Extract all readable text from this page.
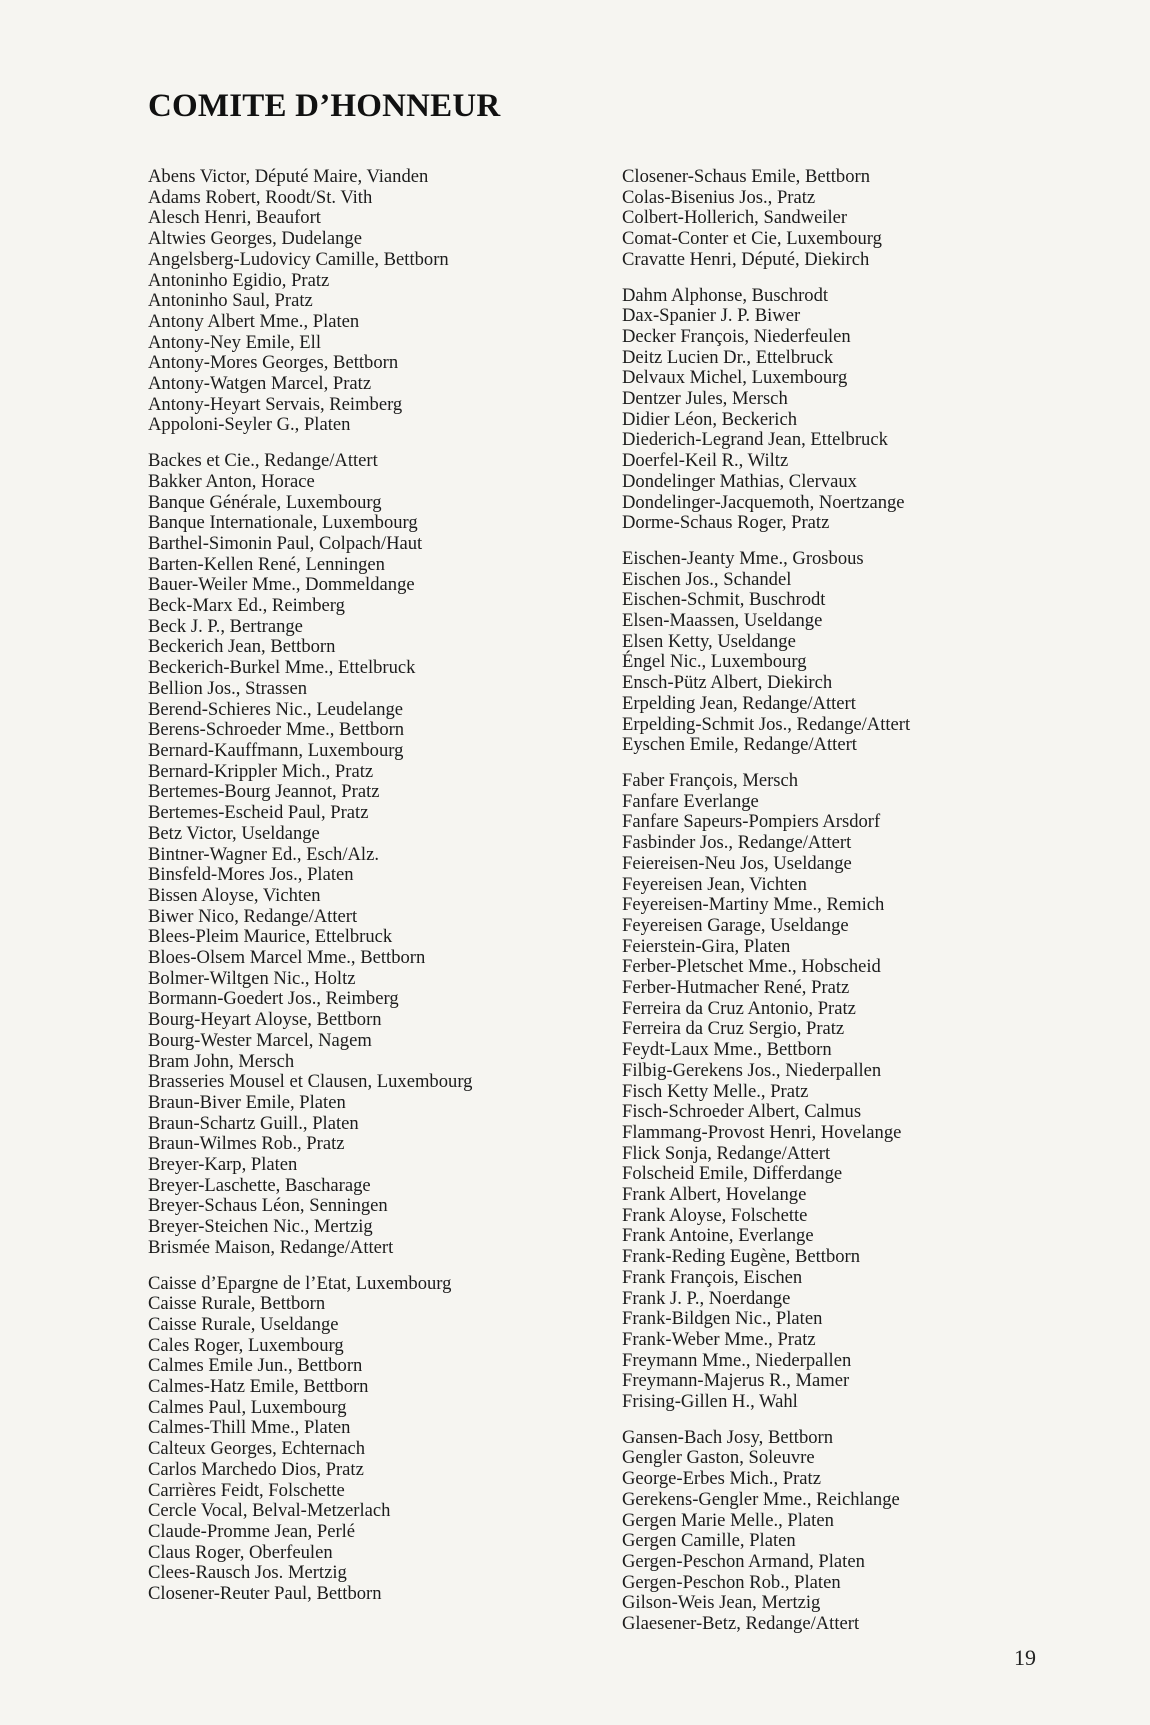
COMITE D’HONNEUR
Abens Victor, Député Maire, Vianden
Adams Robert, Roodt/St. Vith
Alesch Henri, Beaufort
Altwies Georges, Dudelange
Angelsberg-Ludovicy Camille, Bettborn
Antoninho Egidio, Pratz
Antoninho Saul, Pratz
Antony Albert Mme., Platen
Antony-Ney Emile, Ell
Antony-Mores Georges, Bettborn
Antony-Watgen Marcel, Pratz
Antony-Heyart Servais, Reimberg
Appoloni-Seyler G., Platen
Backes et Cie., Redange/Attert
Bakker Anton, Horace
Banque Générale, Luxembourg
Banque Internationale, Luxembourg
Barthel-Simonin Paul, Colpach/Haut
Barten-Kellen René, Lenningen
Bauer-Weiler Mme., Dommeldange
Beck-Marx Ed., Reimberg
Beck J. P., Bertrange
Beckerich Jean, Bettborn
Beckerich-Burkel Mme., Ettelbruck
Bellion Jos., Strassen
Berend-Schieres Nic., Leudelange
Berens-Schroeder Mme., Bettborn
Bernard-Kauffmann, Luxembourg
Bernard-Krippler Mich., Pratz
Bertemes-Bourg Jeannot, Pratz
Bertemes-Escheid Paul, Pratz
Betz Victor, Useldange
Bintner-Wagner Ed., Esch/Alz.
Binsfeld-Mores Jos., Platen
Bissen Aloyse, Vichten
Biwer Nico, Redange/Attert
Blees-Pleim Maurice, Ettelbruck
Bloes-Olsem Marcel Mme., Bettborn
Bolmer-Wiltgen Nic., Holtz
Bormann-Goedert Jos., Reimberg
Bourg-Heyart Aloyse, Bettborn
Bourg-Wester Marcel, Nagem
Bram John, Mersch
Brasseries Mousel et Clausen, Luxembourg
Braun-Biver Emile, Platen
Braun-Schartz Guill., Platen
Braun-Wilmes Rob., Pratz
Breyer-Karp, Platen
Breyer-Laschette, Bascharage
Breyer-Schaus Léon, Senningen
Breyer-Steichen Nic., Mertzig
Brismée Maison, Redange/Attert
Caisse d’Epargne de l’Etat, Luxembourg
Caisse Rurale, Bettborn
Caisse Rurale, Useldange
Cales Roger, Luxembourg
Calmes Emile Jun., Bettborn
Calmes-Hatz Emile, Bettborn
Calmes Paul, Luxembourg
Calmes-Thill Mme., Platen
Calteux Georges, Echternach
Carlos Marchedo Dios, Pratz
Carrières Feidt, Folschette
Cercle Vocal, Belval-Metzerlach
Claude-Promme Jean, Perlé
Claus Roger, Oberfeulen
Clees-Rausch Jos. Mertzig
Closener-Reuter Paul, Bettborn
Closener-Schaus Emile, Bettborn
Colas-Bisenius Jos., Pratz
Colbert-Hollerich, Sandweiler
Comat-Conter et Cie, Luxembourg
Cravatte Henri, Député, Diekirch
Dahm Alphonse, Buschrodt
Dax-Spanier J. P. Biwer
Decker François, Niederfeulen
Deitz Lucien Dr., Ettelbruck
Delvaux Michel, Luxembourg
Dentzer Jules, Mersch
Didier Léon, Beckerich
Diederich-Legrand Jean, Ettelbruck
Doerfel-Keil R., Wiltz
Dondelinger Mathias, Clervaux
Dondelinger-Jacquemoth, Noertzange
Dorme-Schaus Roger, Pratz
Eischen-Jeanty Mme., Grosbous
Eischen Jos., Schandel
Eischen-Schmit, Buschrodt
Elsen-Maassen, Useldange
Elsen Ketty, Useldange
Éngel Nic., Luxembourg
Ensch-Pütz Albert, Diekirch
Erpelding Jean, Redange/Attert
Erpelding-Schmit Jos., Redange/Attert
Eyschen Emile, Redange/Attert
Faber François, Mersch
Fanfare Everlange
Fanfare Sapeurs-Pompiers Arsdorf
Fasbinder Jos., Redange/Attert
Feiereisen-Neu Jos, Useldange
Feyereisen Jean, Vichten
Feyereisen-Martiny Mme., Remich
Feyereisen Garage, Useldange
Feierstein-Gira, Platen
Ferber-Pletschet Mme., Hobscheid
Ferber-Hutmacher René, Pratz
Ferreira da Cruz Antonio, Pratz
Ferreira da Cruz Sergio, Pratz
Feydt-Laux Mme., Bettborn
Filbig-Gerekens Jos., Niederpallen
Fisch Ketty Melle., Pratz
Fisch-Schroeder Albert, Calmus
Flammang-Provost Henri, Hovelange
Flick Sonja, Redange/Attert
Folscheid Emile, Differdange
Frank Albert, Hovelange
Frank Aloyse, Folschette
Frank Antoine, Everlange
Frank-Reding Eugène, Bettborn
Frank François, Eischen
Frank J. P., Noerdange
Frank-Bildgen Nic., Platen
Frank-Weber Mme., Pratz
Freymann Mme., Niederpallen
Freymann-Majerus R., Mamer
Frising-Gillen H., Wahl
Gansen-Bach Josy, Bettborn
Gengler Gaston, Soleuvre
George-Erbes Mich., Pratz
Gerekens-Gengler Mme., Reichlange
Gergen Marie Melle., Platen
Gergen Camille, Platen
Gergen-Peschon Armand, Platen
Gergen-Peschon Rob., Platen
Gilson-Weis Jean, Mertzig
Glaesener-Betz, Redange/Attert
19
